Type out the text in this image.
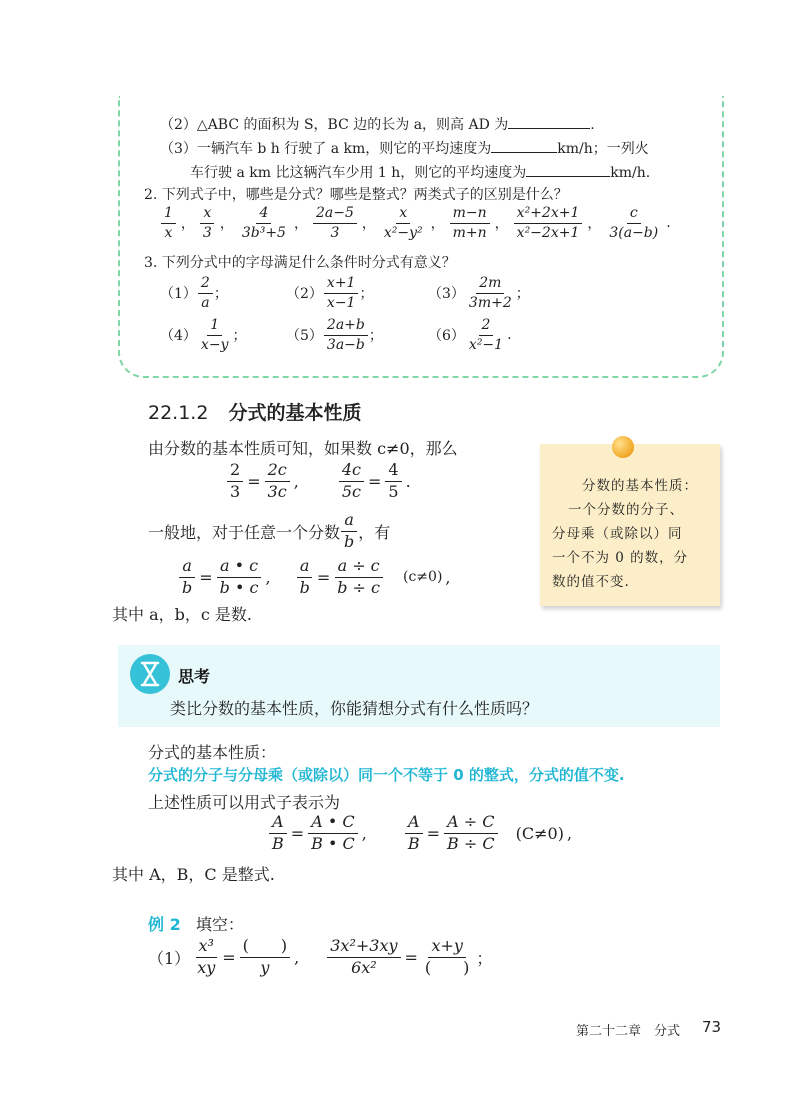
（2）△ABC 的面积为 S，BC 边的长为 a，则高 AD 为	.
（3）一辆汽车 b h 行驶了 a km，则它的平均速度为	km/h；一列火
车行驶 a km 比这辆汽车少用 1 h，则它的平均速度为	km/h.
2. 下列式子中，哪些是分式？哪些是整式？两类式子的区别是什么？
1
x
，
x
3
，
4
3b³+5
，
2a−5
3
，
x
x²−y²
，
m−n
m+n
，
x²+2x+1
x²−2x+1
，
c
3(a−b)
.
3. 下列分式中的字母满足什么条件时分式有意义？
（1）
2
a
；	（2）
x+1
x−1
；	（3）
2m
3m+2
；
（4）
1
x−y
；	（5）
2a+b
3a−b
；	（6）
2
x²−1
.
22.1.2 分式的基本性质
由分数的基本性质可知，如果数 c≠0，那么
$\frac{2}{3} = \frac{2c}{3c}$ ,	$\frac{4c}{5c} = \frac{4}{5}$ .
一般地，对于任意一个分数
a
b ，有
$\frac{a}{b} = \frac{a • c}{b • c}$ , $\frac{a}{b} = \frac{a \div c}{b \div c} (c\ne 0)$ ,
其中 a，b，c 是数.
分数的基本性质：
一个分数的分子、
分母乘（或除以）同
一个不为 0 的数，分
数的值不变.
思考
类比分数的基本性质，你能猜想分式有什么性质吗？
分式的基本性质：
分式的分子与分母乘（或除以）同一个不等于 0 的整式，分式的值不变.
上述性质可以用式子表示为
$\frac{A}{B} = \frac{A • C}{B • C}$ , $\frac{A}{B} = \frac{A \div C}{B \div C} (C\ne 0)$ ,
其中 A，B，C 是整式.
例 2 填空：
$(1) \frac{\text{x³}}{xy}$ =
(　　)
y
, $\frac{\text{3x²+3xy}}{\text{6x²}}$ =
x+y
(　　) ；
第二十二章　分式 73
